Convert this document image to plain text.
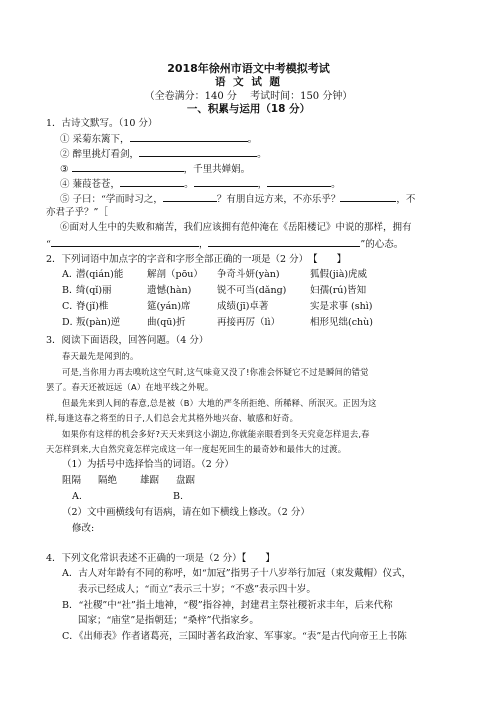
2018年徐州市语文中考模拟考试
语 文 试 题
（全卷满分：140 分　 考试时间：150 分钟）
一、积累与运用（18 分）
1．古诗文默写。（10 分）
① 采菊东篱下，	。
② 醉里挑灯看剑，	。
③	，千里共婵娟。
④ 蒹葭苍苍，	。	，	。
⑤ 子曰：“学而时习之，	？有朋自远方来，不亦乐乎？	，不
亦君子乎？”［
⑥面对人生中的失败和痛苦，我们应该拥有范仲淹在《岳阳楼记》中说的那样，拥有
“	，	”的心态。
2．下列词语中加点字的字音和字形全部正确的一项是（2 分）　【　　】
A．
潜(qián)能 解剖（pōu） 争奇斗妍(yàn)	狐假(jià)虎威
B．
绮(qǐ)丽	遗憾(hàn)	锐不可当(dǎng) 妇孺(rú)皆知
C．
脊(jǐ)椎	筵(yán)席	成绩(jī)卓著	实是求事 (shì)
D．
叛(pàn)逆	曲(qū)折	再接再厉（lì）	相形见绌(chù)
3．阅读下面语段，回答问题。（4 分）
春天最先是闻到的。
可是,当你用力再去嗅吮这空气时,这气味竟又没了!你准会怀疑它不过是瞬间的错觉
罢了。春天还被远远（A）在地平线之外呢。
但最先来到人间的春意,总是被（B）大地的严冬所拒绝、所稀释、所泯灭。正因为这
样,每逢这春之将至的日子,人们总会尤其格外地兴奋、敏感和好奇。
如果你有这样的机会多好?天天来到这小湖边,你就能亲眼看到冬天究竟怎样退去,春
天怎样到来,大自然究竟怎样完成这一年一度起死回生的最奇妙和最伟大的过渡。
（1）为括号中选择恰当的词语。（2 分）
阻隔 隔绝 雄踞 盘踞
A.	B.
（2）文中画横线句有语病，请在如下横线上修改。（2 分）
修改:
4．下列文化常识表述不正确的一项是（2 分）【　　】
A．古人对年龄有不同的称呼，如“加冠”指男子十八岁举行加冠（束发戴帽）仪式，
表示已经成人；“而立”表示三十岁；“不惑”表示四十岁。
B．“社稷”中“社”指土地神，“稷”指谷神，封建君主祭社稷祈求丰年，后来代称
国家；“庙堂”是指朝廷；“桑梓”代指家乡。
C．《出师表》作者诸葛亮，三国时著名政治家、军事家。“表”是古代向帝王上书陈
